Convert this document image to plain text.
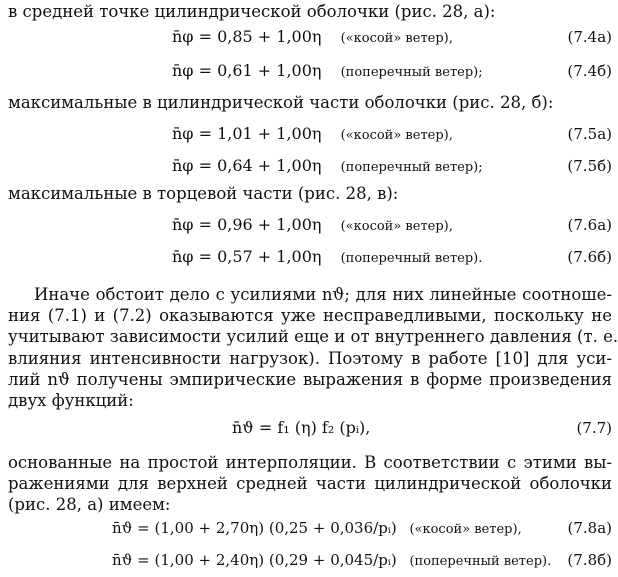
в средней точке цилиндрической оболочки (рис. 28, а):
n̄φ = 0,85 + 1,00η («косой» ветер),	(7.4а)
n̄φ = 0,61 + 1,00η (поперечный ветер);	(7.4б)
максимальные в цилиндрической части оболочки (рис. 28, б):
n̄φ = 1,01 + 1,00η («косой» ветер),	(7.5а)
n̄φ = 0,64 + 1,00η (поперечный ветер);	(7.5б)
максимальные в торцевой части (рис. 28, в):
n̄φ = 0,96 + 1,00η («косой» ветер),	(7.6а)
n̄φ = 0,57 + 1,00η (поперечный ветер).	(7.6б)
Иначе обстоит дело с усилиями nϑ; для них линейные соотноше-
ния (7.1) и (7.2) оказываются уже несправедливыми, поскольку не
учитывают зависимости усилий еще и от внутреннего давления (т. е.
влияния интенсивности нагрузок). Поэтому в работе [10] для уси-
лий nϑ получены эмпирические выражения в форме произведения
двух функций:
n̄ϑ = f₁ (η) f₂ (pᵢ),	(7.7)
основанные на простой интерполяции. В соответствии с этими вы-
ражениями для верхней средней части цилиндрической оболочки
(рис. 28, а) имеем:
n̄ϑ = (1,00 + 2,70η) (0,25 + 0,036/pᵢ) («косой» ветер),	(7.8а)
n̄ϑ = (1,00 + 2,40η) (0,29 + 0,045/pᵢ) (поперечный ветер). (7.8б)
